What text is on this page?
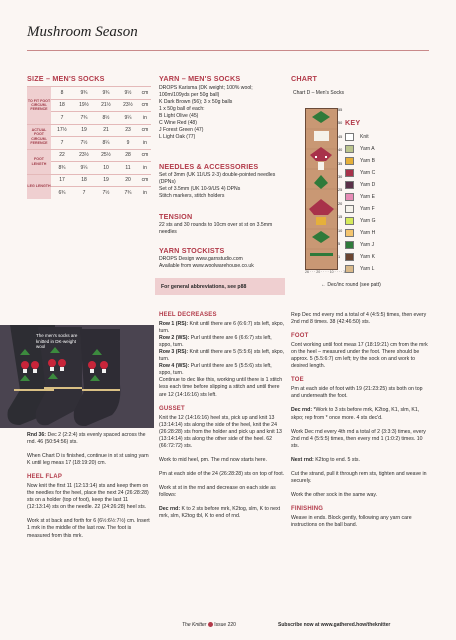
Mushroom Season
SIZE – MEN'S SOCKS
TO FIT FOOT CIRCUM-FERENCE	8	9¾	9¾	9½	cm
	18	19½	21½	23½	cm
	7	7¾	8½	9¼	in
ACTUAL FOOT CIRCUM-FERENCE	17½	19	21	23	cm
	7	7½	8¼	9	in
FOOT LENGTH	22	23½	25½	28	cm
	8¾	9¼	10	11	in
LEG LENGTH	17	18	19	20	cm
	6¾	7	7½	7¾	in
YARN – MEN'S SOCKS
DROPS Karisma (DK weight; 100% wool; 100m/109yds per 50g ball)
K Dark Brown (56); 3 x 50g balls
1 x 50g ball of each:
B Light Olive (45)
C Wine Red (48)
J Forest Green (47)
L Light Oak (77)
NEEDLES & ACCESSORIES
Set of 3mm (UK 11/US 2-3) double-pointed needles (DPNs)
Set of 3.5mm (UK 10-9/US 4) DPNs
Stitch markers, stitch holders
TENSION
22 sts and 30 rounds to 10cm over st st on 3.5mm needles
YARN STOCKISTS
DROPS Design www.garnstudio.com
Available from www.woolwarehouse.co.uk
For general abbreviations, see p88
CHART
Chart D – Men's Socks
55
50
45
40
35
30
25
20
15
10
5
1
26 · · · 20 · · · · 10 · · · · 1
← Dec/inc round (see patt)
KEY
Knit
Yarn A
Yarn B
Yarn C
Yarn D
Yarn E
Yarn F
Yarn G
Yarn H
Yarn J
Yarn K
Yarn L
The men's socks are knitted in DK-weight wool

Rnd 36: Dec 2 (2:2:4) sts evenly spaced across the rnd. 46 (50:54:56) sts.

When Chart D is finished, continue in st st using yarn K until leg meas 17 (18:19:20) cm.

HEEL FLAP

Now knit the first 11 (12:13:14) sts and keep them on the needles for the heel, place the next 24 (26:28:28) sts on a holder (top of foot), keep the last 11 (12:13:14) sts on the needle. 22 (24:26:28) heel sts.

Work st st back and forth for 6 (6½:6½:7½) cm. Insert 1 mrk in the middle of the last row. The foot is measured from this mrk.

HEEL DECREASES

Row 1 (RS): Knit until there are 6 (6:6:7) sts left, skpo, turn.

Row 2 (WS): Purl until there are 6 (6:6:7) sts left, sppo, turn.

Row 3 (RS): Knit until there are 5 (5:5:6) sts left, skpo, turn.

Row 4 (WS): Purl until there are 5 (5:5:6) sts left, sppo, turn.

Continue to dec like this, working until there is 1 stitch less each time before slipping a stitch and until there are 12 (14:16:16) sts left.

GUSSET

Knit the 12 (14:16:16) heel sts, pick up and knit 13 (13:14:14) sts along the side of the heel, knit the 24 (26:28:28) sts from the holder and pick up and knit 13 (13:14:14) sts along the other side of the heel. 62 (66:72:72) sts.

Work to mid heel, pm. The rnd now starts here.

Pm at each side of the 24 (26:28:28) sts on top of foot.

Work st st in the rnd and decrease on each side as follows:

Dec rnd: K to 2 sts before mrk, K2tog, slm, K to next mrk, slm, K2tog tbl, K to end of rnd.

Rep Dec rnd every rnd a total of 4 (4:5:5) times, then every 2nd rnd 8 times. 38 (42:46:50) sts.

FOOT

Cont working until foot meas 17 (18:19:21) cm from the mrk on the heel – measured under the foot. There should be approx. 5 (5.5:6:7) cm left; try the sock on and work to desired length.

TOE

Pm at each side of foot with 19 (21:23:25) sts both on top and underneath the foot.

Dec rnd: *Work to 3 sts before mrk, K2tog, K1, slm, K1, skpo; rep from * once more. 4 sts dec'd.

Work Dec rnd every 4th rnd a total of 2 (3:3:3) times, every 2nd rnd 4 (5:5:5) times, then every rnd 1 (1:0:2) times. 10 sts.

Next rnd: K2tog to end. 5 sts.

Cut the strand, pull it through rem sts, tighten and weave in securely.

Work the other sock in the same way.

FINISHING

Weave in ends. Block gently, following any yarn care instructions on the ball band.

The Knitter Issue 220	Subscribe now at www.gathered.how/theknitter
